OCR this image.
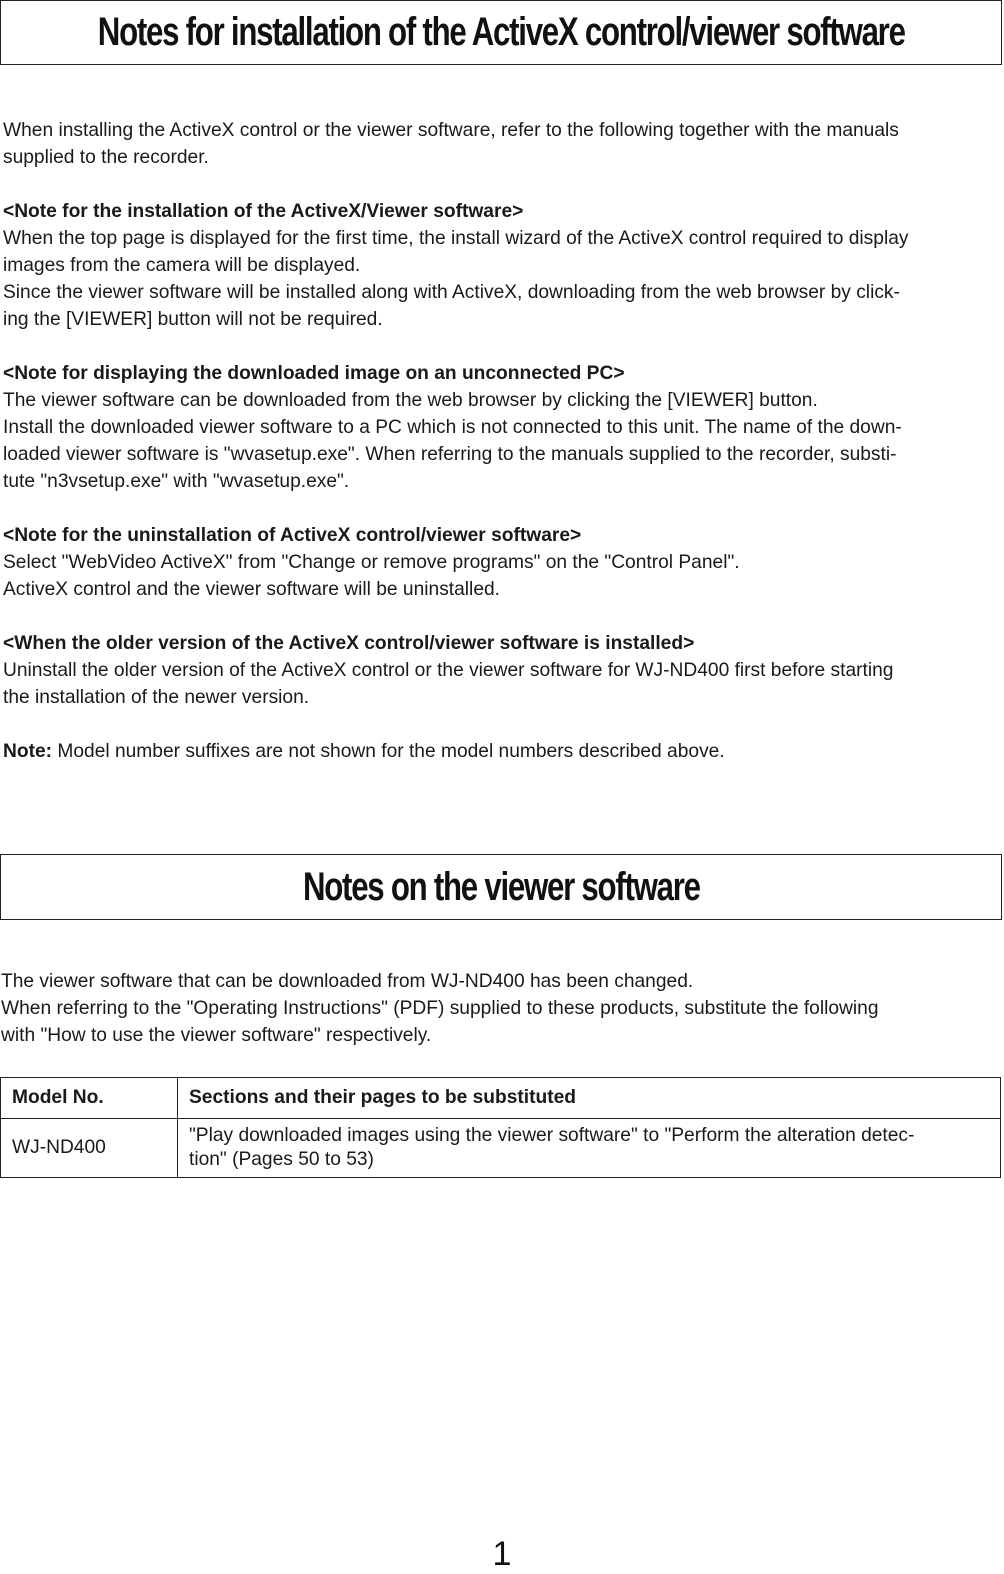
Notes for installation of the ActiveX control/viewer software

When installing the ActiveX control or the viewer software, refer to the following together with the manuals

supplied to the recorder.

<Note for the installation of the ActiveX/Viewer software>

When the top page is displayed for the first time, the install wizard of the ActiveX control required to display

images from the camera will be displayed.

Since the viewer software will be installed along with ActiveX, downloading from the web browser by click-

ing the [VIEWER] button will not be required.

<Note for displaying the downloaded image on an unconnected PC>

The viewer software can be downloaded from the web browser by clicking the [VIEWER] button.

Install the downloaded viewer software to a PC which is not connected to this unit. The name of the down-

loaded viewer software is "wvasetup.exe". When referring to the manuals supplied to the recorder, substi-

tute "n3vsetup.exe" with "wvasetup.exe".

<Note for the uninstallation of ActiveX control/viewer software>

Select "WebVideo ActiveX" from "Change or remove programs" on the "Control Panel".

ActiveX control and the viewer software will be uninstalled.

<When the older version of the ActiveX control/viewer software is installed>

Uninstall the older version of the ActiveX control or the viewer software for WJ-ND400 first before starting

the installation of the newer version.

Note: Model number suffixes are not shown for the model numbers described above.

Notes on the viewer software

The viewer software that can be downloaded from WJ-ND400 has been changed.

When referring to the "Operating Instructions" (PDF) supplied to these products, substitute the following

with "How to use the viewer software" respectively.

Model No.	Sections and their pages to be substituted
WJ-ND400	"Play downloaded images using the viewer software" to "Perform the alteration detec-
tion" (Pages 50 to 53)
1
